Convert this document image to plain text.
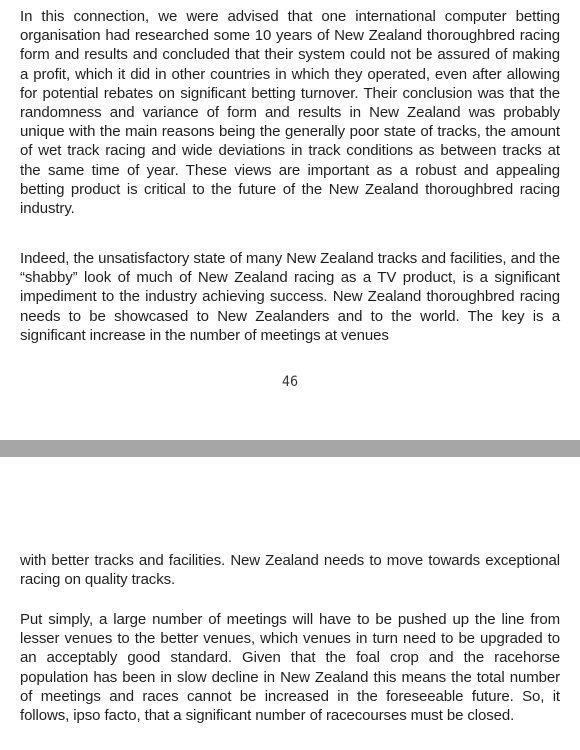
In this connection, we were advised that one international computer betting organisation had researched some 10 years of New Zealand thoroughbred racing form and results and concluded that their system could not be assured of making a profit, which it did in other countries in which they operated, even after allowing for potential rebates on significant betting turnover. Their conclusion was that the randomness and variance of form and results in New Zealand was probably unique with the main reasons being the generally poor state of tracks, the amount of wet track racing and wide deviations in track conditions as between tracks at the same time of year. These views are important as a robust and appealing betting product is critical to the future of the New Zealand thoroughbred racing industry.

Indeed, the unsatisfactory state of many New Zealand tracks and facilities, and the “shabby” look of much of New Zealand racing as a TV product, is a significant impediment to the industry achieving success. New Zealand thoroughbred racing needs to be showcased to New Zealanders and to the world. The key is a significant increase in the number of meetings at venues

46

with better tracks and facilities. New Zealand needs to move towards exceptional racing on quality tracks.

Put simply, a large number of meetings will have to be pushed up the line from lesser venues to the better venues, which venues in turn need to be upgraded to an acceptably good standard. Given that the foal crop and the racehorse population has been in slow decline in New Zealand this means the total number of meetings and races cannot be increased in the foreseeable future. So, it follows, ipso facto, that a significant number of racecourses must be closed.
